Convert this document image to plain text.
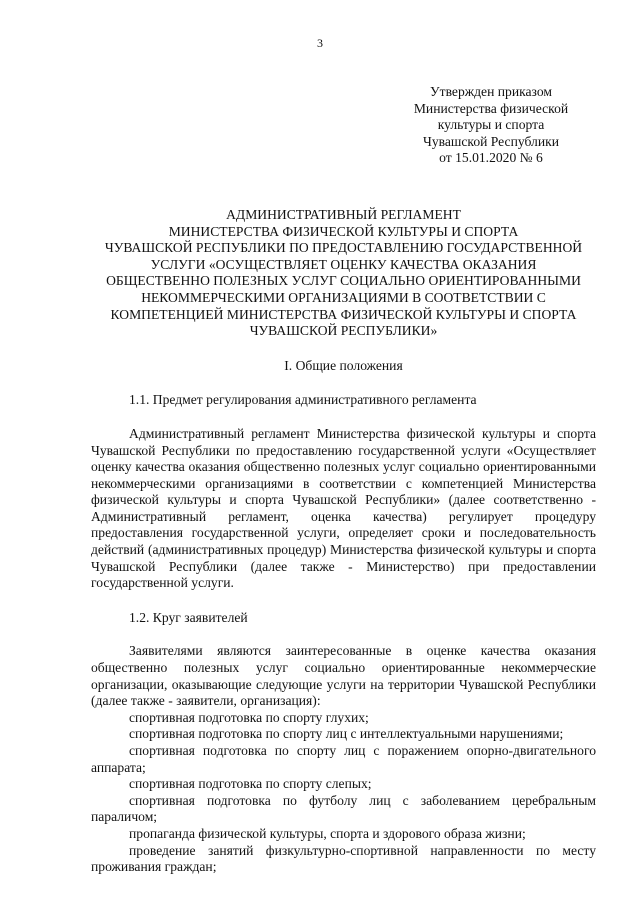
3
Утвержден приказом
Министерства физической
культуры и спорта
Чувашской Республики
от 15.01.2020 № 6
АДМИНИСТРАТИВНЫЙ РЕГЛАМЕНТ
МИНИСТЕРСТВА ФИЗИЧЕСКОЙ КУЛЬТУРЫ И СПОРТА
ЧУВАШСКОЙ РЕСПУБЛИКИ ПО ПРЕДОСТАВЛЕНИЮ ГОСУДАРСТВЕННОЙ
УСЛУГИ «ОСУЩЕСТВЛЯЕТ ОЦЕНКУ КАЧЕСТВА ОКАЗАНИЯ
ОБЩЕСТВЕННО ПОЛЕЗНЫХ УСЛУГ СОЦИАЛЬНО ОРИЕНТИРОВАННЫМИ
НЕКОММЕРЧЕСКИМИ ОРГАНИЗАЦИЯМИ В СООТВЕТСТВИИ С
КОМПЕТЕНЦИЕЙ МИНИСТЕРСТВА ФИЗИЧЕСКОЙ КУЛЬТУРЫ И СПОРТА
ЧУВАШСКОЙ РЕСПУБЛИКИ»
I. Общие положения
1.1. Предмет регулирования административного регламента

Административный регламент Министерства физической культуры и спорта Чувашской Республики по предоставлению государственной услуги «Осуществляет оценку качества оказания общественно полезных услуг социально ориентированными некоммерческими организациями в соответствии с компетенцией Министерства физической культуры и спорта Чувашской Республики» (далее соответственно - Административный регламент, оценка качества) регулирует процедуру предоставления государственной услуги, определяет сроки и последовательность действий (административных процедур) Министерства физической культуры и спорта Чувашской Республики (далее также - Министерство) при предоставлении государственной услуги.

1.2. Круг заявителей

Заявителями являются заинтересованные в оценке качества оказания общественно полезных услуг социально ориентированные некоммерческие организации, оказывающие следующие услуги на территории Чувашской Республики (далее также - заявители, организация):

спортивная подготовка по спорту глухих;
спортивная подготовка по спорту лиц с интеллектуальными нарушениями;
спортивная подготовка по спорту лиц с поражением опорно-двигательного аппарата;
спортивная подготовка по спорту слепых;
спортивная подготовка по футболу лиц с заболеванием церебральным параличом;
пропаганда физической культуры, спорта и здорового образа жизни;
проведение занятий физкультурно-спортивной направленности по месту проживания граждан;
